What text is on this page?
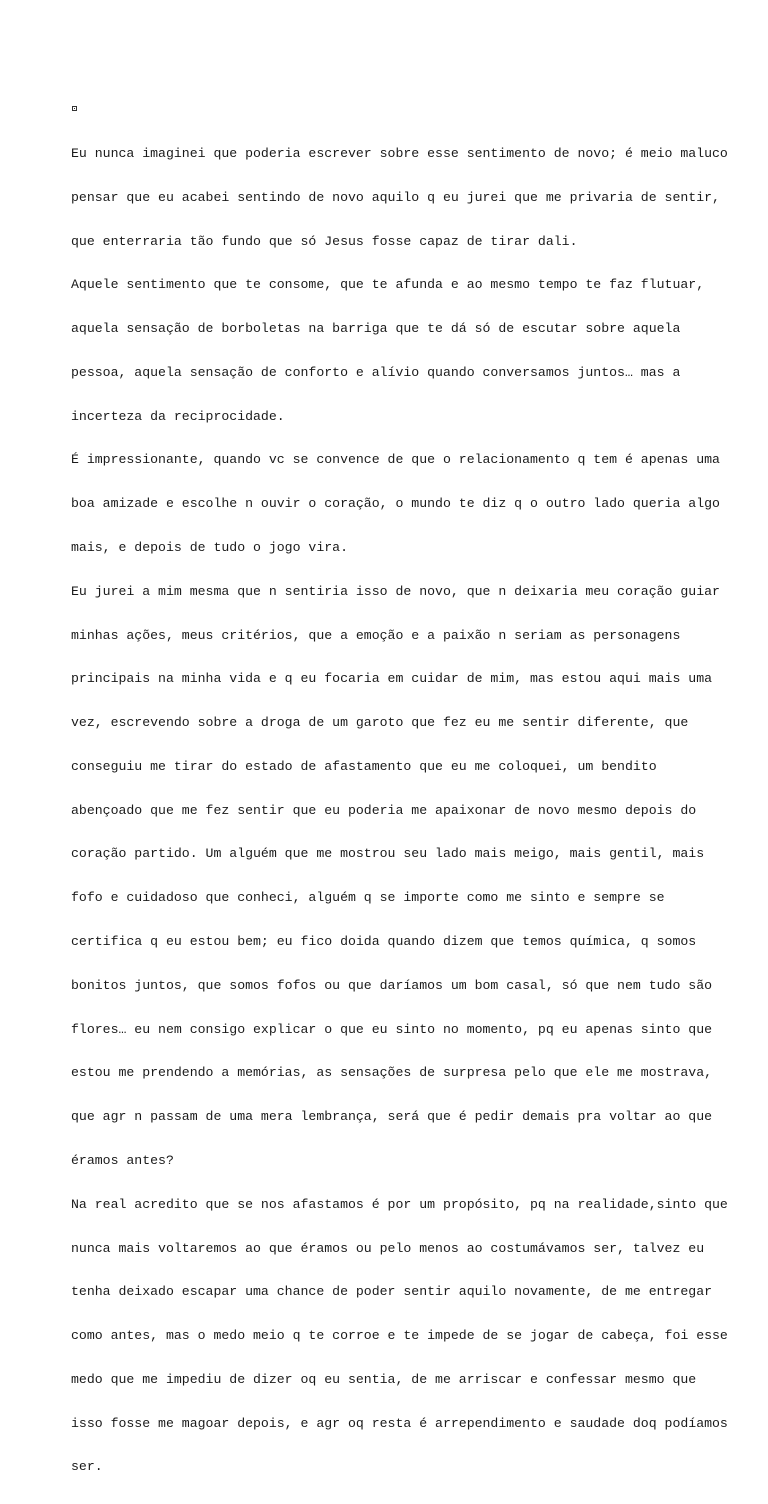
Eu nunca imaginei que poderia escrever sobre esse sentimento de novo; é meio maluco

pensar que eu acabei sentindo de novo aquilo q eu jurei que me privaria de sentir,

que enterraria tão fundo que só Jesus fosse capaz de tirar dali.

Aquele sentimento que te consome, que te afunda e ao mesmo tempo te faz flutuar,

aquela sensação de borboletas na barriga que te dá só de escutar sobre aquela

pessoa, aquela sensação de conforto e alívio quando conversamos juntos… mas a

incerteza da reciprocidade.

É impressionante, quando vc se convence de que o relacionamento q tem é apenas uma

boa amizade e escolhe n ouvir o coração, o mundo te diz q o outro lado queria algo

mais, e depois de tudo o jogo vira.

Eu jurei a mim mesma que n sentiria isso de novo, que n deixaria meu coração guiar

minhas ações, meus critérios, que a emoção e a paixão n seriam as personagens

principais na minha vida e q eu focaria em cuidar de mim, mas estou aqui mais uma

vez, escrevendo sobre a droga de um garoto que fez eu me sentir diferente, que

conseguiu me tirar do estado de afastamento que eu me coloquei, um bendito

abençoado que me fez sentir que eu poderia me apaixonar de novo mesmo depois do

coração partido. Um alguém que me mostrou seu lado mais meigo, mais gentil, mais

fofo e cuidadoso que conheci, alguém q se importe como me sinto e sempre se

certifica q eu estou bem; eu fico doida quando dizem que temos química, q somos

bonitos juntos, que somos fofos ou que daríamos um bom casal, só que nem tudo são

flores… eu nem consigo explicar o que eu sinto no momento, pq eu apenas sinto que

estou me prendendo a memórias, as sensações de surpresa pelo que ele me mostrava,

que agr n passam de uma mera lembrança, será que é pedir demais pra voltar ao que

éramos antes?

Na real acredito que se nos afastamos é por um propósito, pq na realidade,sinto que

nunca mais voltaremos ao que éramos ou pelo menos ao costumávamos ser, talvez eu

tenha deixado escapar uma chance de poder sentir aquilo novamente, de me entregar

como antes, mas o medo meio q te corroe e te impede de se jogar de cabeça, foi esse

medo que me impediu de dizer oq eu sentia, de me arriscar e confessar mesmo que

isso fosse me magoar depois, e agr oq resta é arrependimento e saudade doq podíamos

ser.
